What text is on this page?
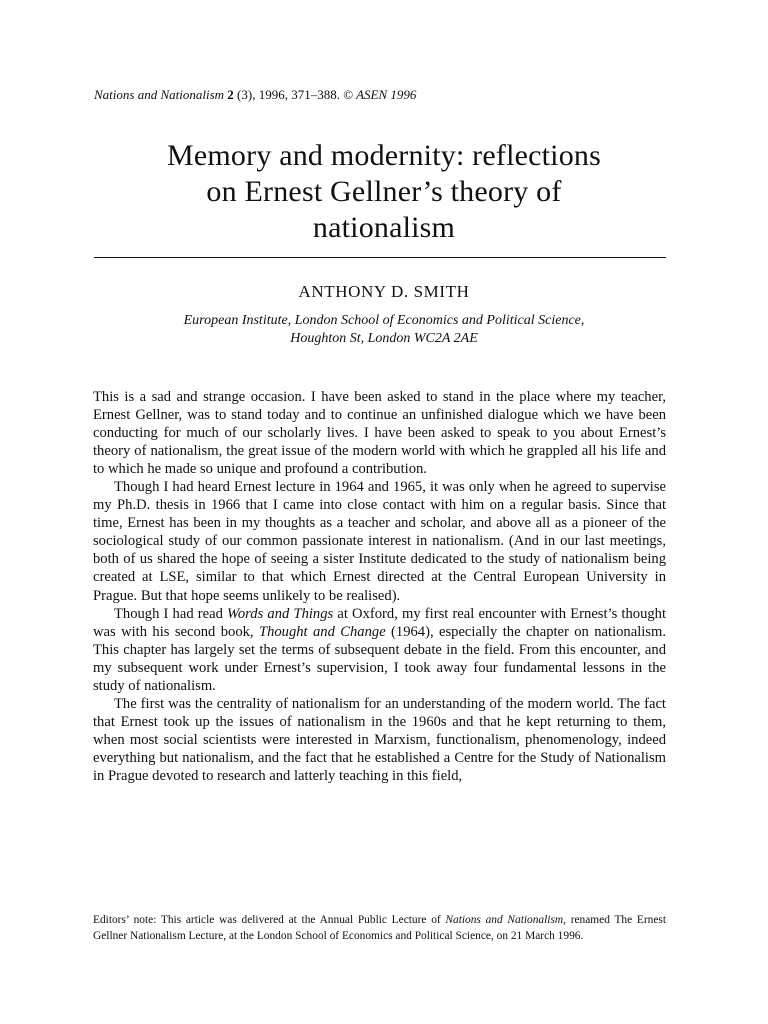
Nations and Nationalism 2 (3), 1996, 371–388. © ASEN 1996
Memory and modernity: reflections
on Ernest Gellner’s theory of
nationalism
ANTHONY D. SMITH
European Institute, London School of Economics and Political Science,
Houghton St, London WC2A 2AE

This is a sad and strange occasion. I have been asked to stand in the place where my teacher, Ernest Gellner, was to stand today and to continue an unfinished dialogue which we have been conducting for much of our scholarly lives. I have been asked to speak to you about Ernest’s theory of nationalism, the great issue of the modern world with which he grappled all his life and to which he made so unique and profound a contribution.

Though I had heard Ernest lecture in 1964 and 1965, it was only when he agreed to supervise my Ph.D. thesis in 1966 that I came into close contact with him on a regular basis. Since that time, Ernest has been in my thoughts as a teacher and scholar, and above all as a pioneer of the sociological study of our common passionate interest in nationalism. (And in our last meetings, both of us shared the hope of seeing a sister Institute dedicated to the study of nationalism being created at LSE, similar to that which Ernest directed at the Central European University in Prague. But that hope seems unlikely to be realised).

Though I had read Words and Things at Oxford, my first real encounter with Ernest’s thought was with his second book, Thought and Change (1964), especially the chapter on nationalism. This chapter has largely set the terms of subsequent debate in the field. From this encounter, and my subsequent work under Ernest’s supervision, I took away four fundamental lessons in the study of nationalism.

The first was the centrality of nationalism for an understanding of the modern world. The fact that Ernest took up the issues of nationalism in the 1960s and that he kept returning to them, when most social scientists were interested in Marxism, functionalism, phenomenology, indeed everything but nationalism, and the fact that he established a Centre for the Study of Nationalism in Prague devoted to research and latterly teaching in this field,

Editors’ note: This article was delivered at the Annual Public Lecture of Nations and Nationalism, renamed The Ernest Gellner Nationalism Lecture, at the London School of Economics and Political Science, on 21 March 1996.
